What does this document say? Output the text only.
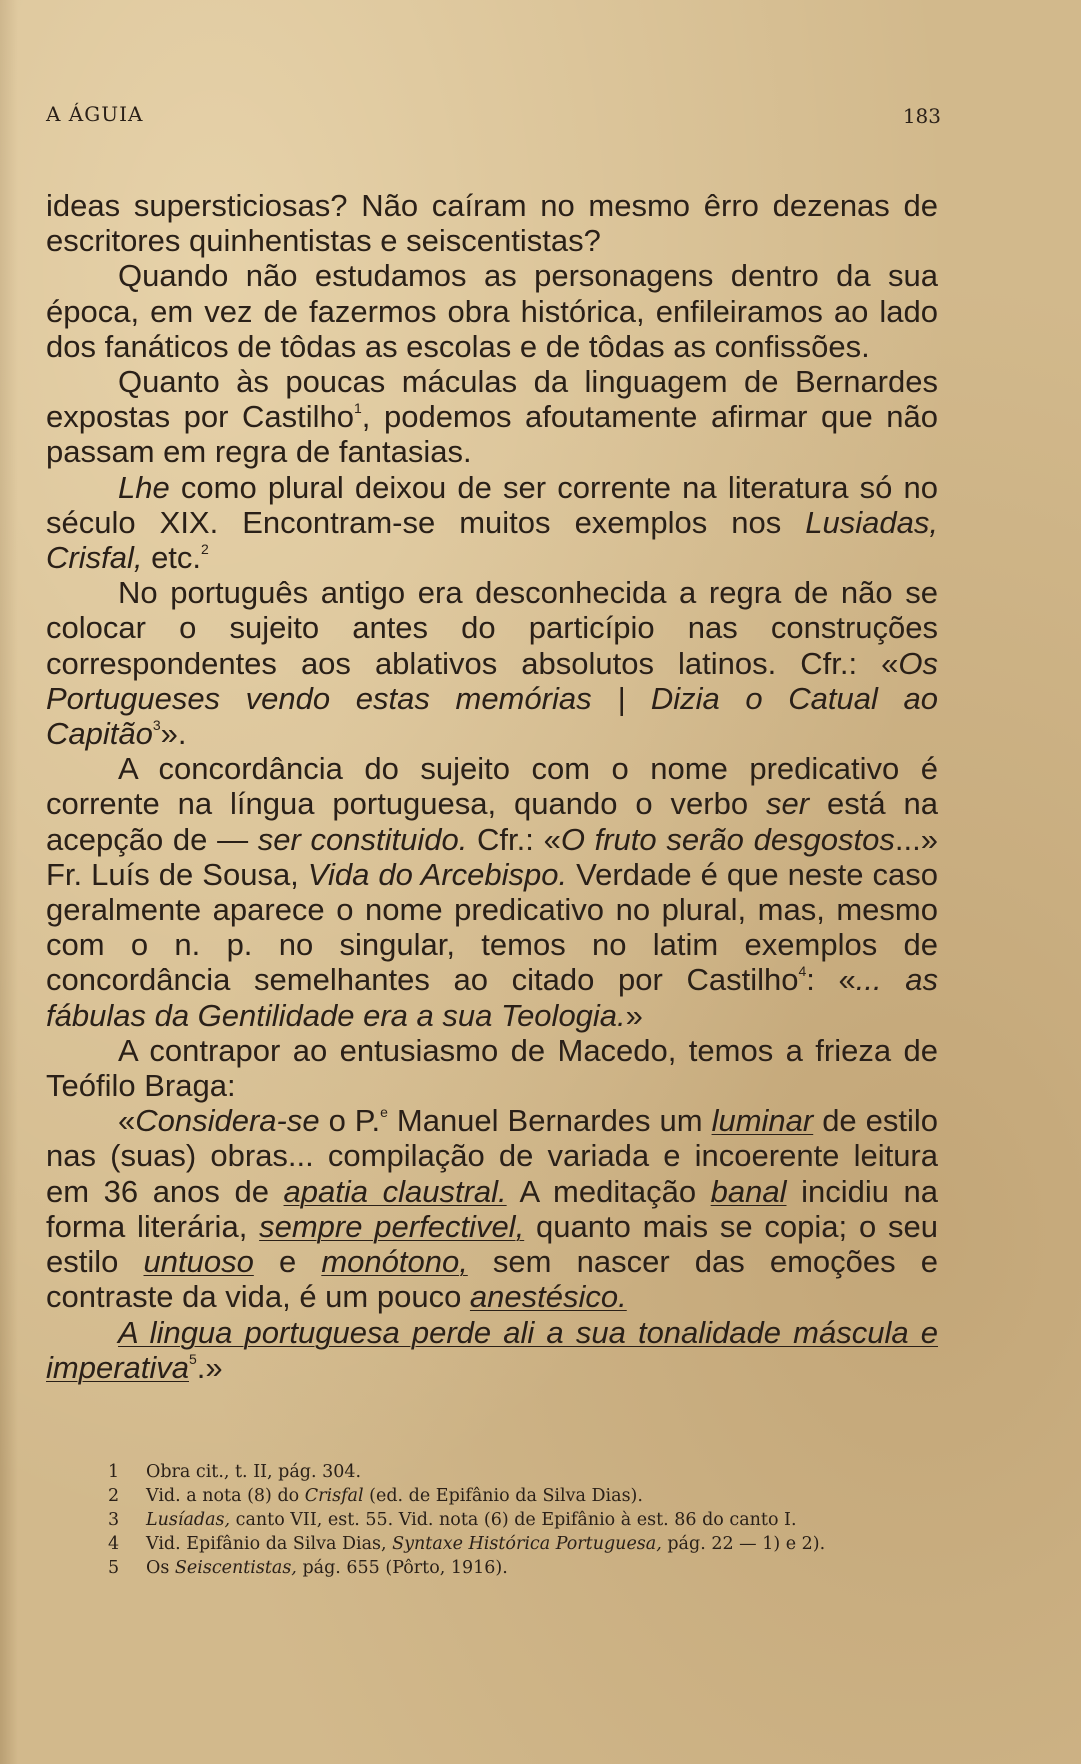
A ÁGUIA	183

ideas supersticiosas? Não caíram no mesmo êrro dezenas de escritores quinhentistas e seiscentistas?

Quando não estudamos as personagens dentro da sua época, em vez de fazermos obra histórica, enfileiramos ao lado dos fanáticos de tôdas as escolas e de tôdas as confissões.

Quanto às poucas máculas da linguagem de Bernardes expostas por Castilho$^1$, podemos afoutamente afirmar que não passam em regra de fantasias.

Lhe como plural deixou de ser corrente na literatura só no século XIX. Encontram-se muitos exemplos nos Lusiadas, Crisfal, etc.$^2$

No português antigo era desconhecida a regra de não se colocar o sujeito antes do particípio nas construções correspondentes aos ablativos absolutos latinos. Cfr.: «Os Portugueses vendo estas memórias | Dizia o Catual ao Capitão$^3$».

A concordância do sujeito com o nome predicativo é corrente na língua portuguesa, quando o verbo ser está na acepção de — ser constituido. Cfr.: «O fruto serão desgostos...» Fr. Luís de Sousa, Vida do Arcebispo. Verdade é que neste caso geralmente aparece o nome predicativo no plural, mas, mesmo com o n. p. no singular, temos no latim exemplos de concordância semelhantes ao citado por Castilho$^4$: «... as fábulas da Gentilidade era a sua Teologia.»

A contrapor ao entusiasmo de Macedo, temos a frieza de Teófilo Braga:

«Considera-se o P.$^e$ Manuel Bernardes um luminar de estilo nas (suas) obras... compilação de variada e incoerente leitura em 36 anos de apatia claustral. A meditação banal incidiu na forma literária, sempre perfectivel, quanto mais se copia; o seu estilo untuoso e monótono, sem nascer das emoções e contraste da vida, é um pouco anestésico.

A lingua portuguesa perde ali a sua tonalidade máscula e imperativa$^5$.»

1 Obra cit., t. II, pág. 304.
2 Vid. a nota (8) do Crisfal (ed. de Epifânio da Silva Dias).
3 Lusíadas, canto VII, est. 55. Vid. nota (6) de Epifânio à est. 86 do canto I.
4 Vid. Epifânio da Silva Dias, Syntaxe Histórica Portuguesa, pág. 22 — 1) e 2).
5 Os Seiscentistas, pág. 655 (Pôrto, 1916).
